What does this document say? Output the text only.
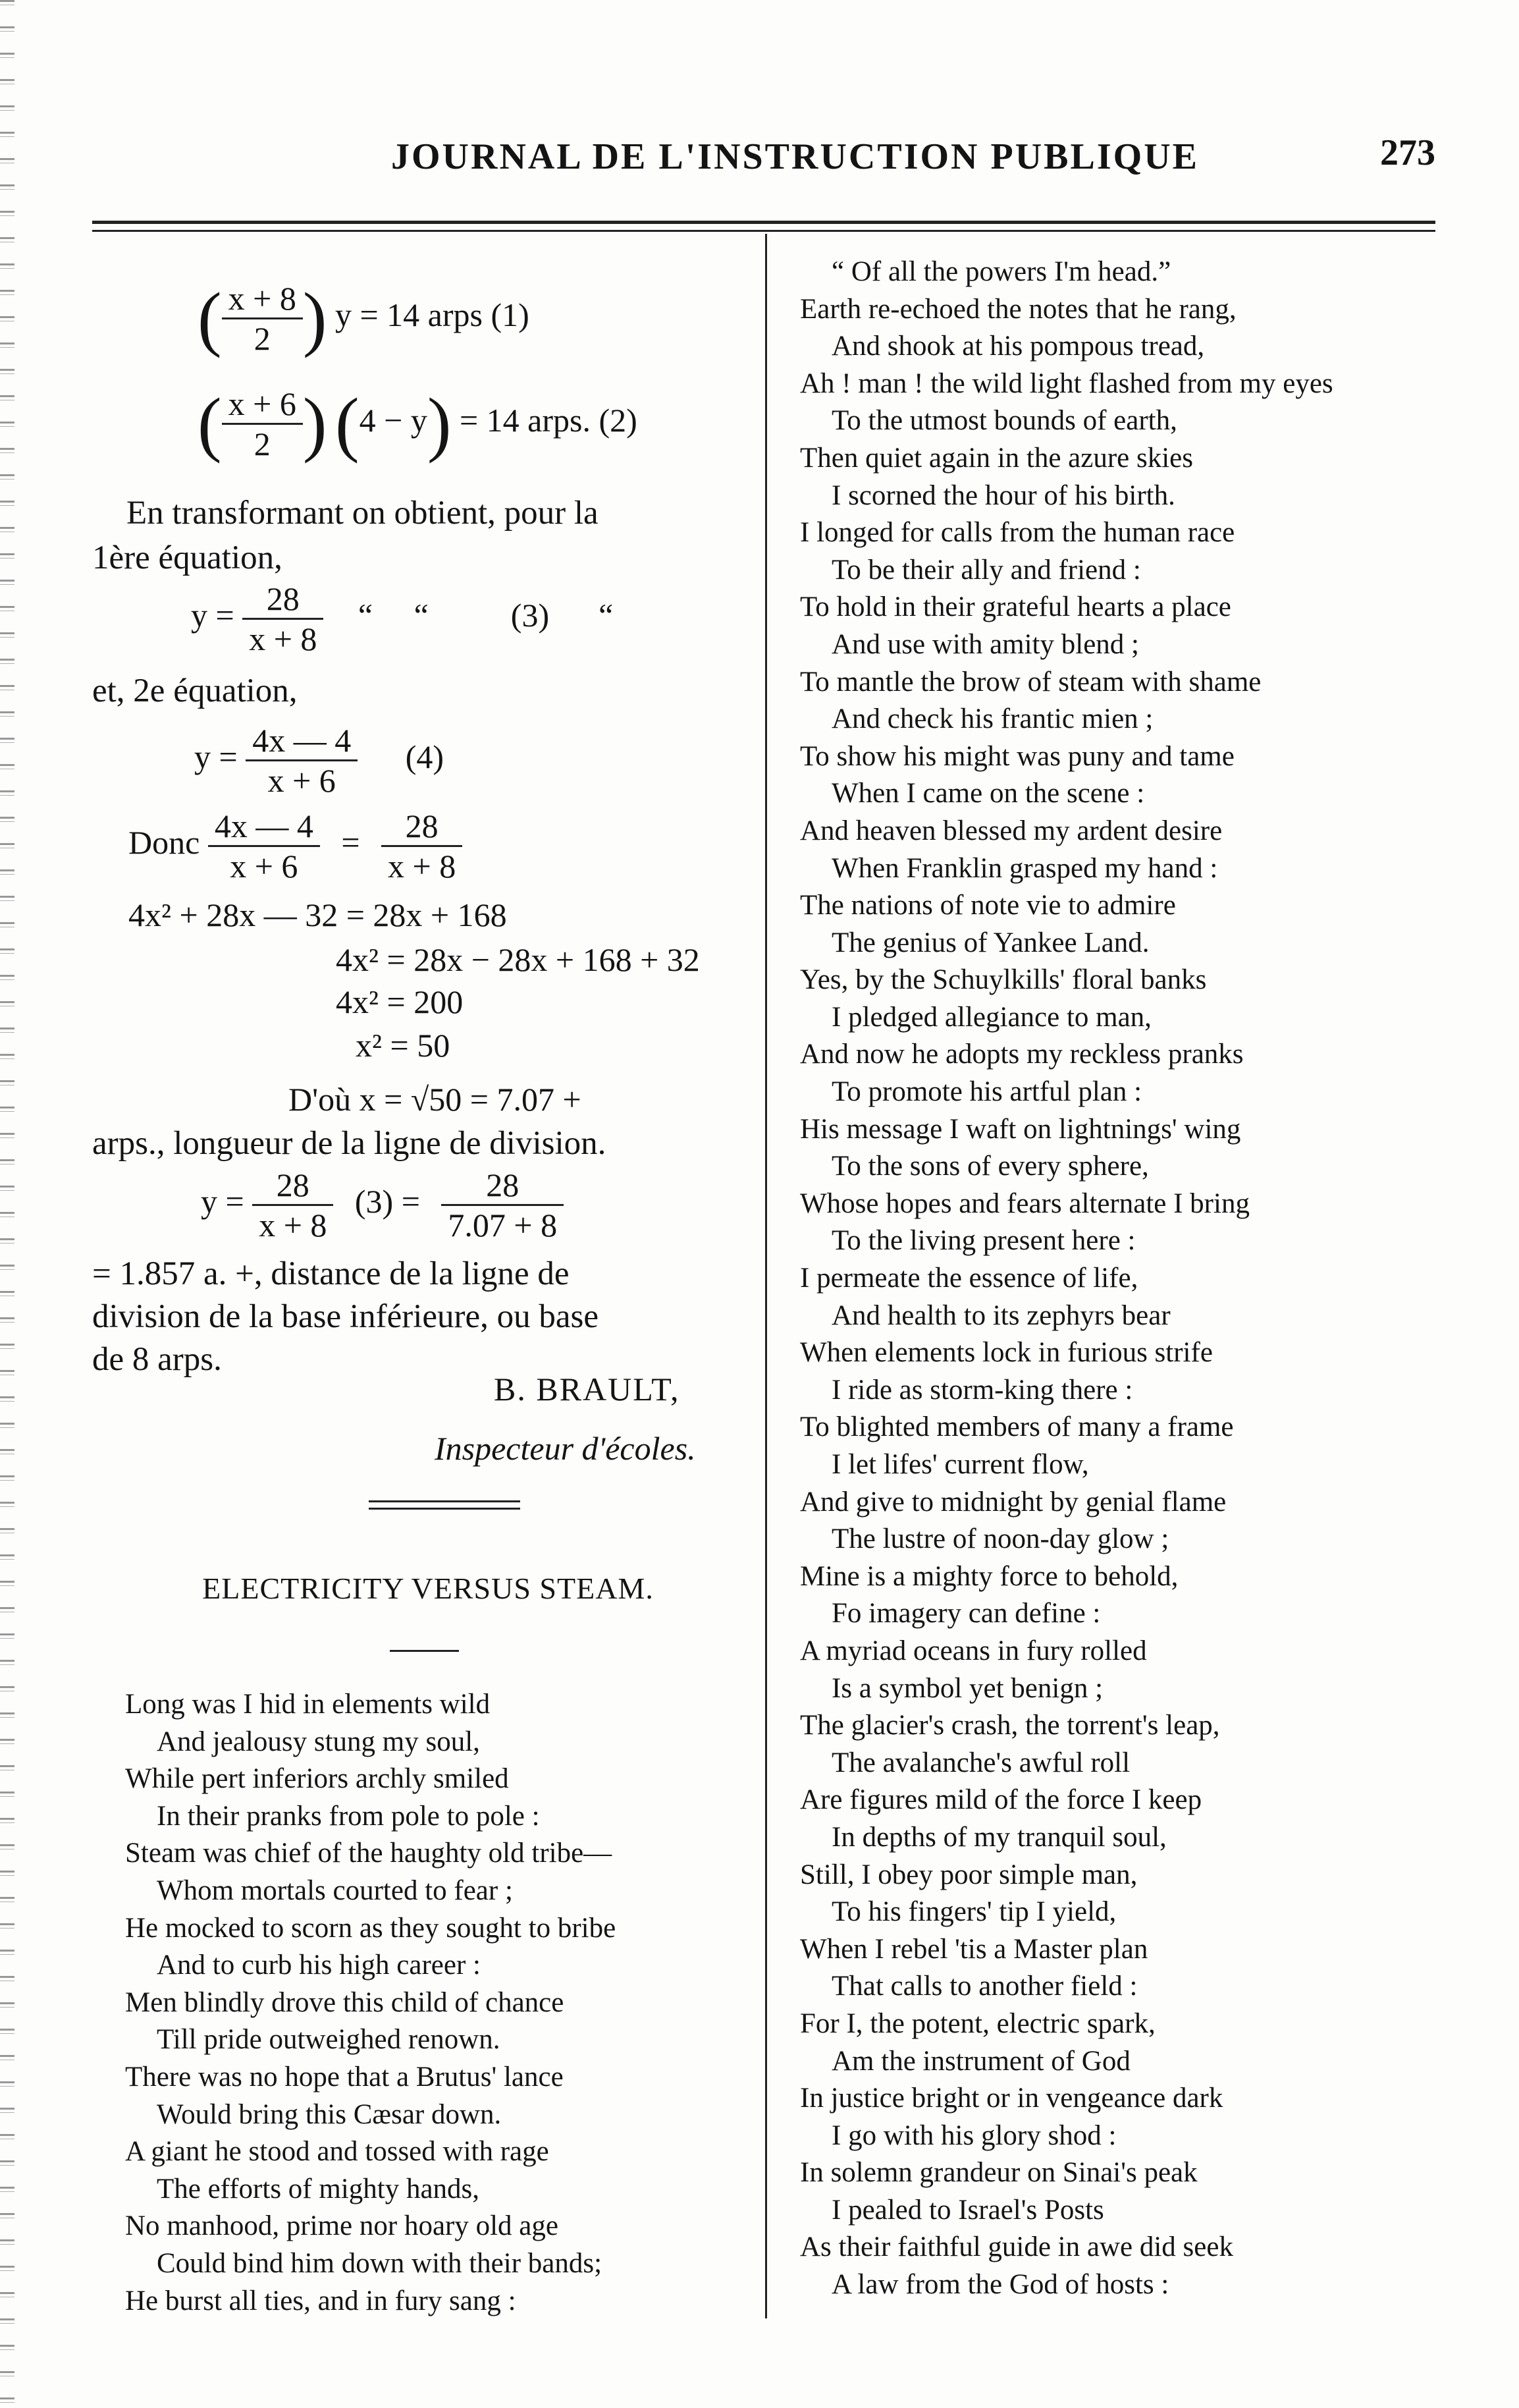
JOURNAL DE L'INSTRUCTION PUBLIQUE	273
( $\frac{x + 8}{2}$ ) y = 14 arps (1)
( $\frac{x + 6}{2}$ ) (4 − y) = 14 arps. (2)
En transformant on obtient, pour la
1ère équation,
$y = \frac{28}{x + 8}$ “     “          (3)      “
et, 2e équation,
$y = \frac{4x — 4}{x + 6} (4)$
Donc $\frac{4x — 4}{x + 6} = \frac{28}{x + 8}$
4x² + 28x — 32 = 28x + 168
4x² = 28x − 28x + 168 + 32
4x² = 200
x² = 50
D'où x = √50 = 7.07 +
arps., longueur de la ligne de division.
$y = \frac{28}{x + 8} (3) = \frac{28}{7.07 + 8}$
= 1.857 a. +, distance de la ligne de
division de la base inférieure, ou base
de 8 arps.
B. BRAULT,
Inspecteur d'écoles.
ELECTRICITY VERSUS STEAM.
Long was I hid in elements wild
And jealousy stung my soul,
While pert inferiors archly smiled
In their pranks from pole to pole :
Steam was chief of the haughty old tribe—
Whom mortals courted to fear ;
He mocked to scorn as they sought to bribe
And to curb his high career :
Men blindly drove this child of chance
Till pride outweighed renown.
There was no hope that a Brutus' lance
Would bring this Cæsar down.
A giant he stood and tossed with rage
The efforts of mighty hands,
No manhood, prime nor hoary old age
Could bind him down with their bands;
He burst all ties, and in fury sang :
“ Of all the powers I'm head.”
Earth re-echoed the notes that he rang,
And shook at his pompous tread,
Ah ! man ! the wild light flashed from my eyes
To the utmost bounds of earth,
Then quiet again in the azure skies
I scorned the hour of his birth.
I longed for calls from the human race
To be their ally and friend :
To hold in their grateful hearts a place
And use with amity blend ;
To mantle the brow of steam with shame
And check his frantic mien ;
To show his might was puny and tame
When I came on the scene :
And heaven blessed my ardent desire
When Franklin grasped my hand :
The nations of note vie to admire
The genius of Yankee Land.
Yes, by the Schuylkills' floral banks
I pledged allegiance to man,
And now he adopts my reckless pranks
To promote his artful plan :
His message I waft on lightnings' wing
To the sons of every sphere,
Whose hopes and fears alternate I bring
To the living present here :
I permeate the essence of life,
And health to its zephyrs bear
When elements lock in furious strife
I ride as storm-king there :
To blighted members of many a frame
I let lifes' current flow,
And give to midnight by genial flame
The lustre of noon-day glow ;
Mine is a mighty force to behold,
Fo imagery can define :
A myriad oceans in fury rolled
Is a symbol yet benign ;
The glacier's crash, the torrent's leap,
The avalanche's awful roll
Are figures mild of the force I keep
In depths of my tranquil soul,
Still, I obey poor simple man,
To his fingers' tip I yield,
When I rebel 'tis a Master plan
That calls to another field :
For I, the potent, electric spark,
Am the instrument of God
In justice bright or in vengeance dark
I go with his glory shod :
In solemn grandeur on Sinai's peak
I pealed to Israel's Posts
As their faithful guide in awe did seek
A law from the God of hosts :
